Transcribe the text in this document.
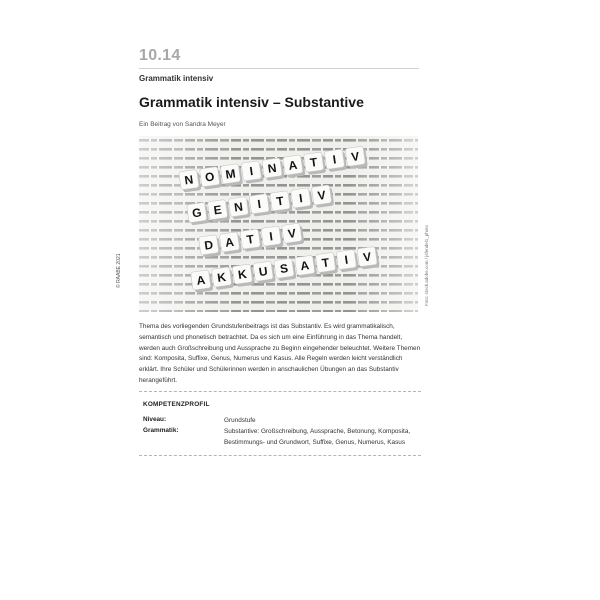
10.14
Grammatik intensiv
Grammatik intensiv – Substantive
Ein Beitrag von Sandra Meyer
© RAABE 2021
N O M I N A T I V
G E N I T I V
D A T I V
A K K U S A T I V	Foto: stock.adobe.com / jsfendel1_photo

Thema des vorliegenden Grundstufenbeitrags ist das Substantiv. Es wird grammatikalisch, semantisch und phonetisch betrachtet. Da es sich um eine Einführung in das Thema handelt, werden auch Großschreibung und Aussprache zu Beginn eingehender beleuchtet. Weitere Themen sind: Komposita, Suffixe, Genus, Numerus und Kasus. Alle Regeln werden leicht verständlich erklärt. Ihre Schüler und Schülerinnen werden in anschaulichen Übungen an das Substantiv herangeführt.

KOMPETENZPROFIL
Niveau:	Grundstufe

Grammatik:	Substantive: Großschreibung, Aussprache, Betonung, Komposita, Bestimmungs- und Grundwort, Suffixe, Genus, Numerus, Kasus
